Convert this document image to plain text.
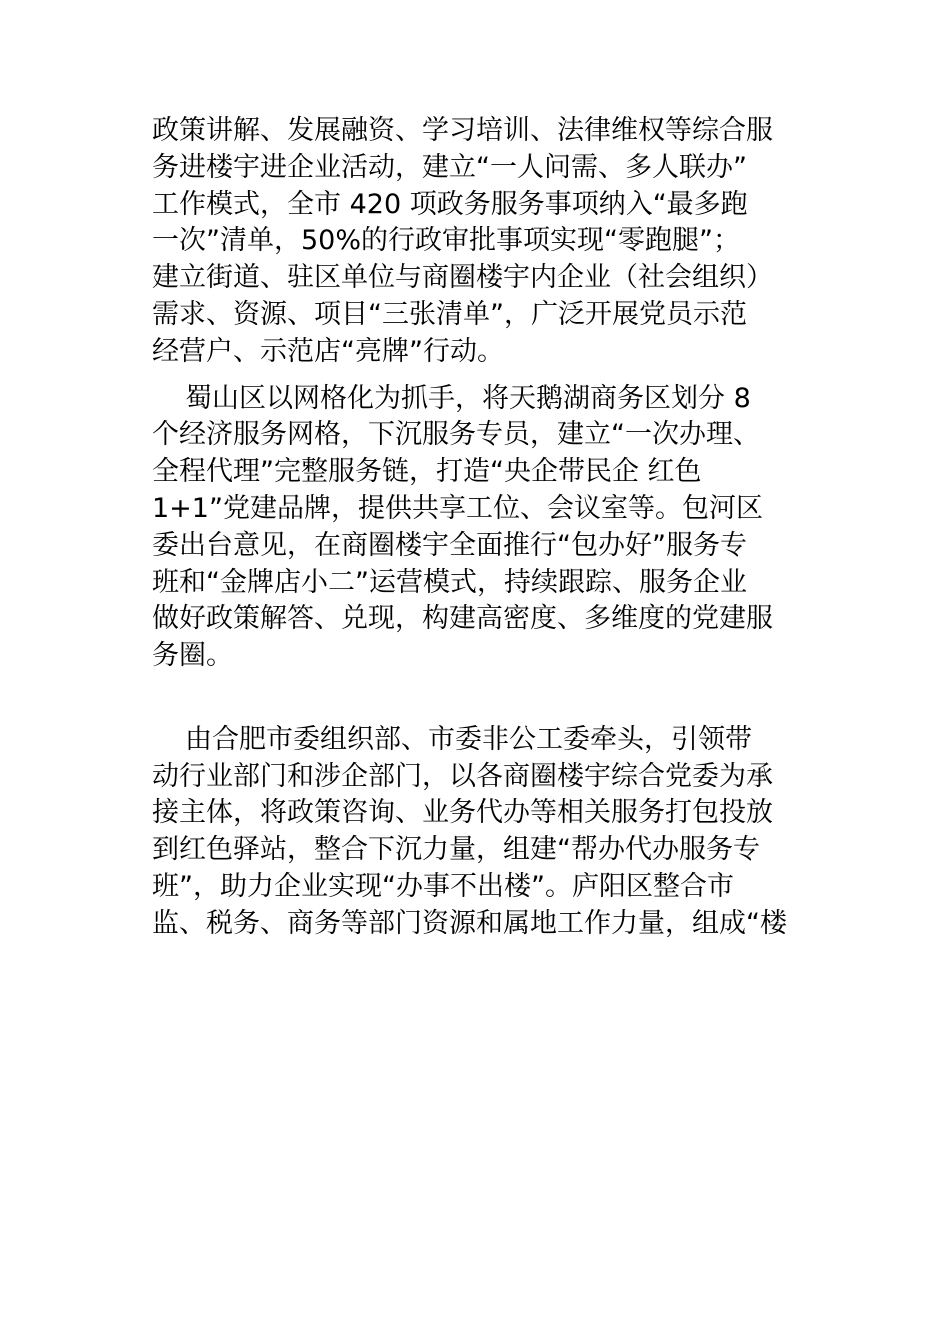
政策讲解、发展融资、学习培训、法律维权等综合服
务进楼宇进企业活动，建立“一人问需、多人联办”
工作模式，全市 420 项政务服务事项纳入“最多跑
一次”清单，50%的行政审批事项实现“零跑腿”；
建立街道、驻区单位与商圈楼宇内企业（社会组织）
需求、资源、项目“三张清单”，广泛开展党员示范
经营户、示范店“亮牌”行动。
蜀山区以网格化为抓手，将天鹅湖商务区划分 8
个经济服务网格，下沉服务专员，建立“一次办理、
全程代理”完整服务链，打造“央企带民企 红色
1+1”党建品牌，提供共享工位、会议室等。包河区
委出台意见，在商圈楼宇全面推行“包办好”服务专
班和“金牌店小二”运营模式，持续跟踪、服务企业
做好政策解答、兑现，构建高密度、多维度的党建服
务圈。
由合肥市委组织部、市委非公工委牵头，引领带
动行业部门和涉企部门，以各商圈楼宇综合党委为承
接主体，将政策咨询、业务代办等相关服务打包投放
到红色驿站，整合下沉力量，组建“帮办代办服务专
班”，助力企业实现“办事不出楼”。庐阳区整合市
监、税务、商务等部门资源和属地工作力量，组成“楼
